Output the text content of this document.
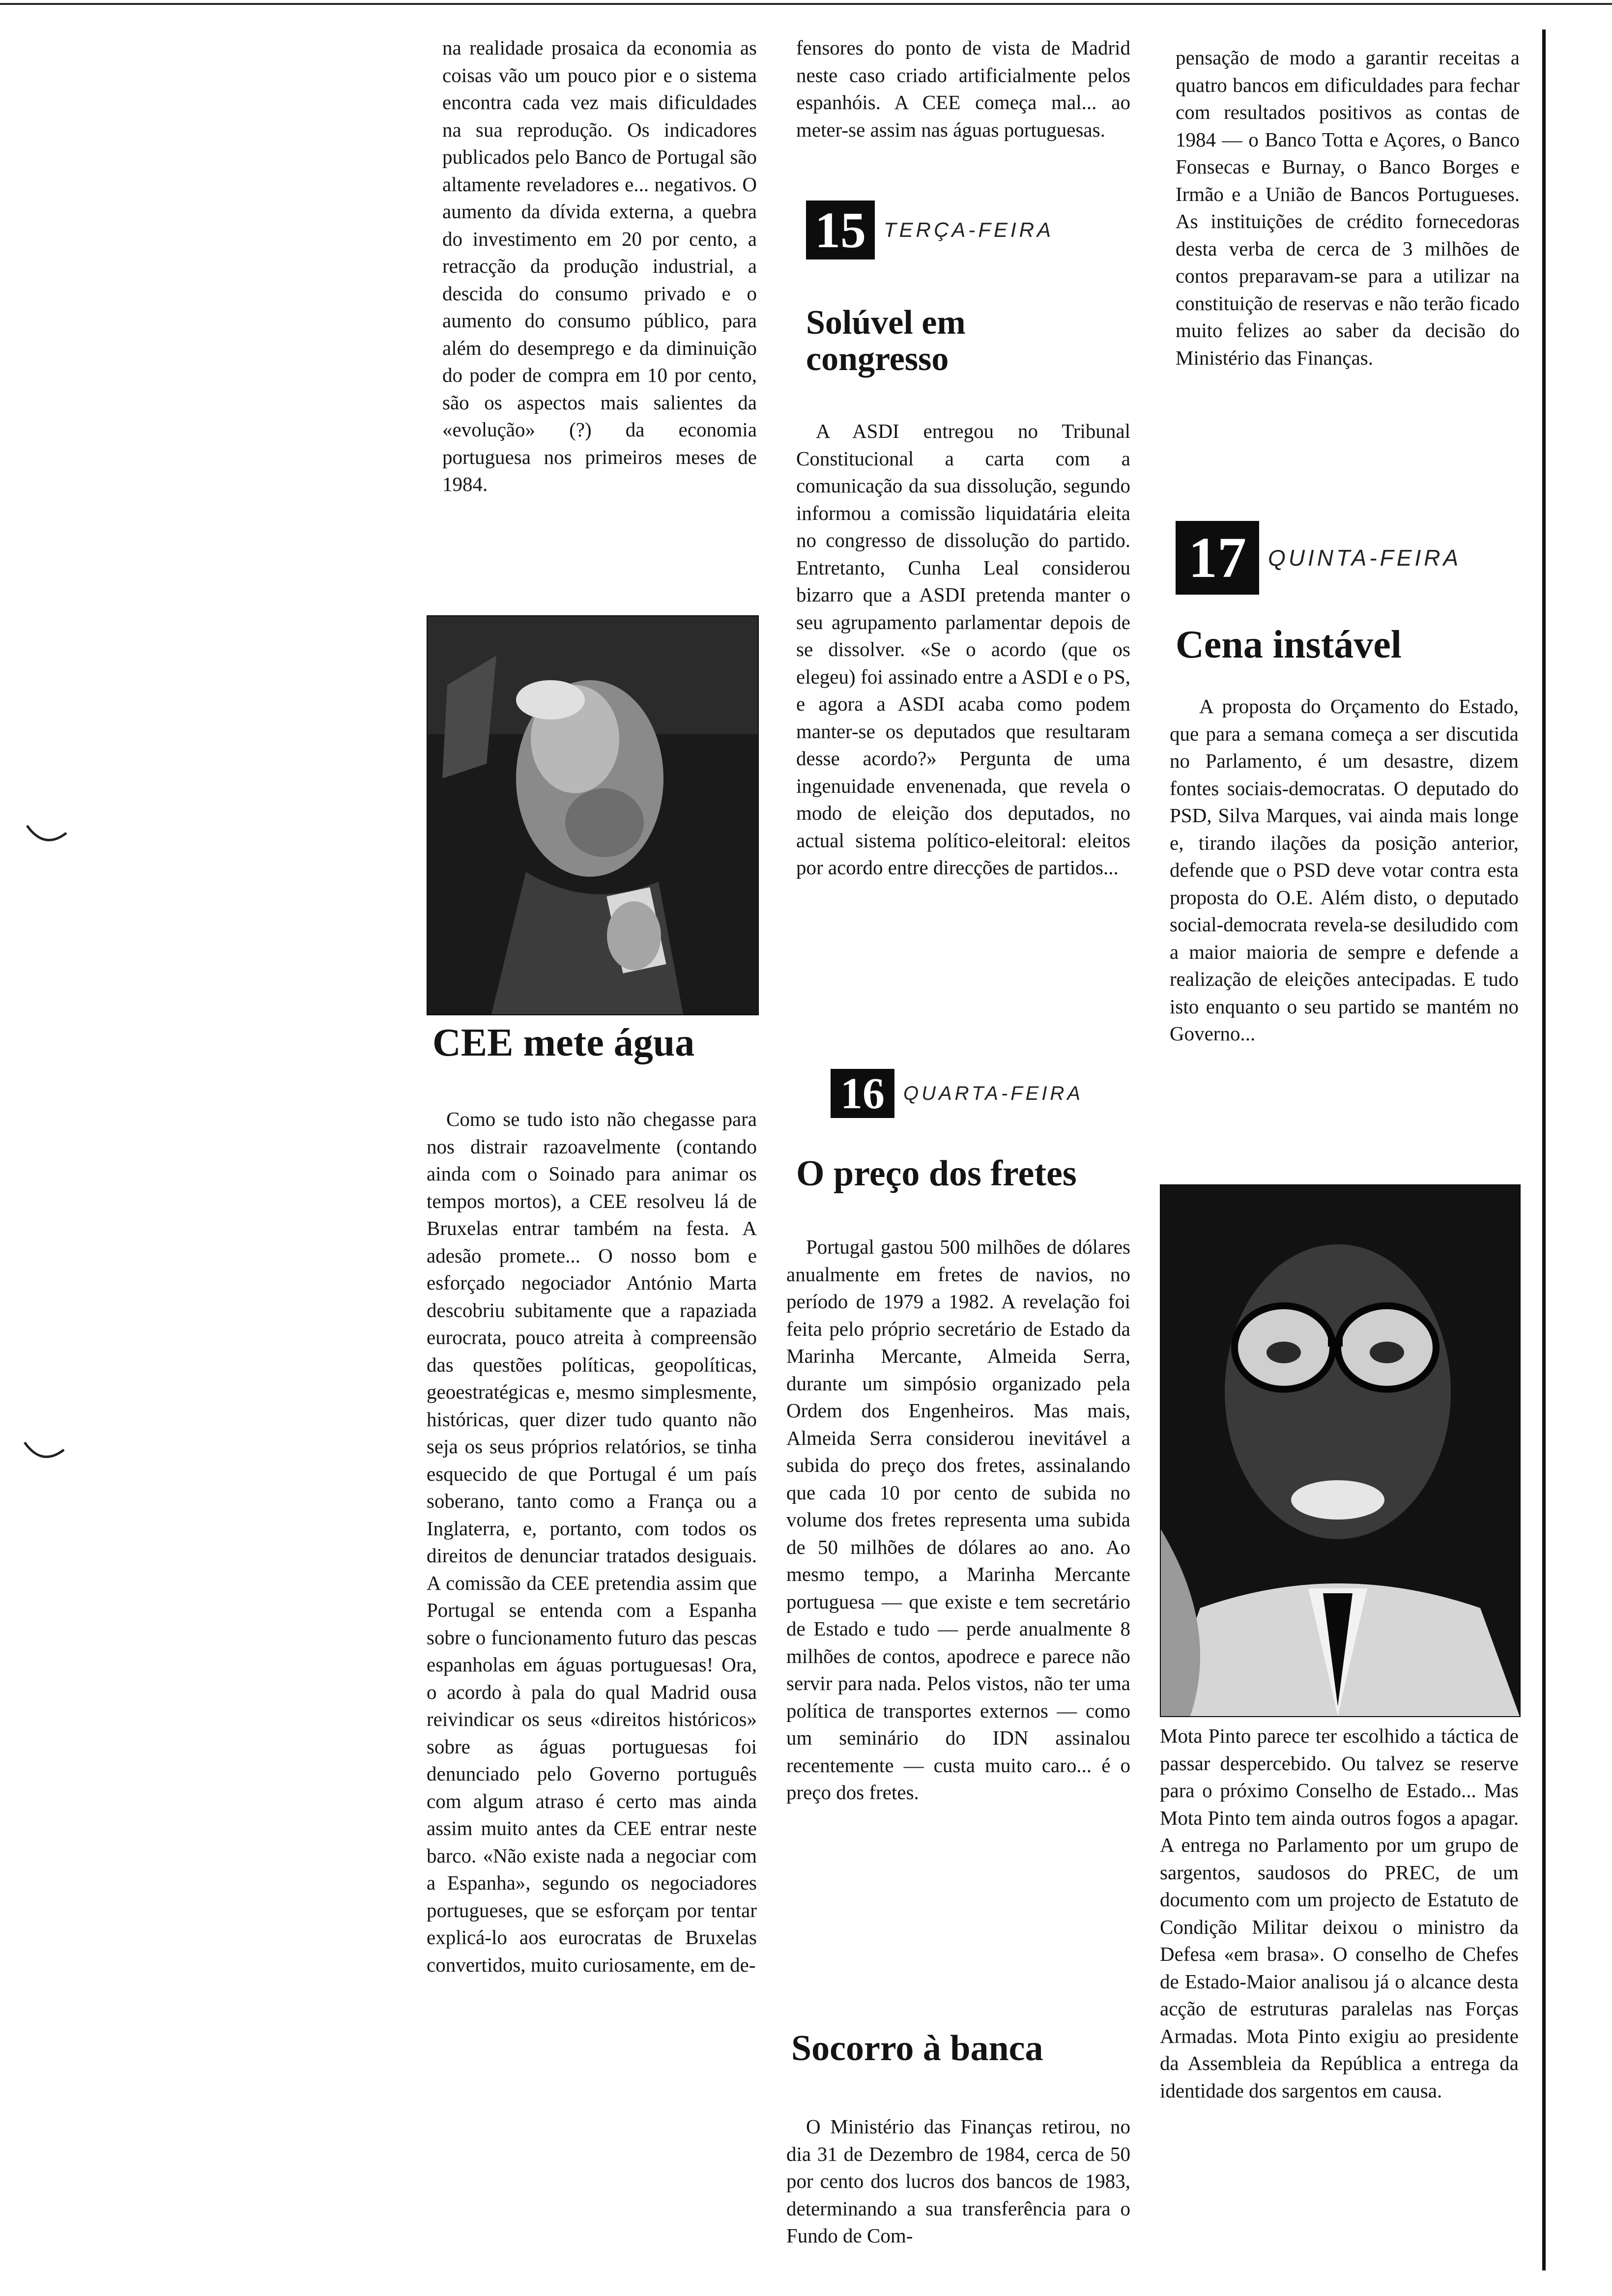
na realidade prosaica da economia as coisas vão um pouco pior e o sistema encontra cada vez mais dificuldades na sua reprodução. Os indicadores publicados pelo Banco de Portugal são altamente reveladores e... negativos. O aumento da dívida externa, a quebra do investimento em 20 por cento, a retracção da produção industrial, a descida do consumo privado e o aumento do consumo público, para além do desemprego e da diminuição do poder de compra em 10 por cento, são os aspectos mais salientes da «evolução» (?) da economia portuguesa nos primeiros meses de 1984.

CEE mete água

Como se tudo isto não chegasse para nos distrair razoavelmente (contando ainda com o Soinado para animar os tempos mortos), a CEE resolveu lá de Bruxelas entrar também na festa. A adesão promete... O nosso bom e esforçado negociador António Marta descobriu subitamente que a rapaziada eurocrata, pouco atreita à compreensão das questões políticas, geopolíticas, geoestratégicas e, mesmo simplesmente, históricas, quer dizer tudo quanto não seja os seus próprios relatórios, se tinha esquecido de que Portugal é um país soberano, tanto como a França ou a Inglaterra, e, portanto, com todos os direitos de denunciar tratados desiguais. A comissão da CEE pretendia assim que Portugal se entenda com a Espanha sobre o funcionamento futuro das pescas espanholas em águas portuguesas! Ora, o acordo à pala do qual Madrid ousa reivindicar os seus «direitos históricos» sobre as águas portuguesas foi denunciado pelo Governo português com algum atraso é certo mas ainda assim muito antes da CEE entrar neste barco. «Não existe nada a negociar com a Espanha», segundo os negociadores portugueses, que se esforçam por tentar explicá-lo aos eurocratas de Bruxelas convertidos, muito curiosamente, em de-

fensores do ponto de vista de Madrid neste caso criado artificialmente pelos espanhóis. A CEE começa mal... ao meter-se assim nas águas portuguesas.

15 TERÇA-FEIRA
Solúvel em congresso

A ASDI entregou no Tribunal Constitucional a carta com a comunicação da sua dissolução, segundo informou a comissão liquidatária eleita no congresso de dissolução do partido. Entretanto, Cunha Leal considerou bizarro que a ASDI pretenda manter o seu agrupamento parlamentar depois de se dissolver. «Se o acordo (que os elegeu) foi assinado entre a ASDI e o PS, e agora a ASDI acaba como podem manter-se os deputados que resultaram desse acordo?» Pergunta de uma ingenuidade envenenada, que revela o modo de eleição dos deputados, no actual sistema político-eleitoral: eleitos por acordo entre direcções de partidos...

16 QUARTA-FEIRA
O preço dos fretes

Portugal gastou 500 milhões de dólares anualmente em fretes de navios, no período de 1979 a 1982. A revelação foi feita pelo próprio secretário de Estado da Marinha Mercante, Almeida Serra, durante um simpósio organizado pela Ordem dos Engenheiros. Mas mais, Almeida Serra considerou inevitável a subida do preço dos fretes, assinalando que cada 10 por cento de subida no volume dos fretes representa uma subida de 50 milhões de dólares ao ano. Ao mesmo tempo, a Marinha Mercante portuguesa — que existe e tem secretário de Estado e tudo — perde anualmente 8 milhões de contos, apodrece e parece não servir para nada. Pelos vistos, não ter uma política de transportes externos — como um seminário do IDN assinalou recentemente — custa muito caro... é o preço dos fretes.

Socorro à banca

O Ministério das Finanças retirou, no dia 31 de Dezembro de 1984, cerca de 50 por cento dos lucros dos bancos de 1983, determinando a sua transferência para o Fundo de Com-

pensação de modo a garantir receitas a quatro bancos em dificuldades para fechar com resultados positivos as contas de 1984 — o Banco Totta e Açores, o Banco Fonsecas e Burnay, o Banco Borges e Irmão e a União de Bancos Portugueses. As instituições de crédito fornecedoras desta verba de cerca de 3 milhões de contos preparavam-se para a utilizar na constituição de reservas e não terão ficado muito felizes ao saber da decisão do Ministério das Finanças.

17 QUINTA-FEIRA
Cena instável

A proposta do Orçamento do Estado, que para a semana começa a ser discutida no Parlamento, é um desastre, dizem fontes sociais-democratas. O deputado do PSD, Silva Marques, vai ainda mais longe e, tirando ilações da posição anterior, defende que o PSD deve votar contra esta proposta do O.E. Além disto, o deputado social-democrata revela-se desiludido com a maior maioria de sempre e defende a realização de eleições antecipadas. E tudo isto enquanto o seu partido se mantém no Governo...

Mota Pinto parece ter escolhido a táctica de passar despercebido. Ou talvez se reserve para o próximo Conselho de Estado... Mas Mota Pinto tem ainda outros fogos a apagar. A entrega no Parlamento por um grupo de sargentos, saudosos do PREC, de um documento com um projecto de Estatuto de Condição Militar deixou o ministro da Defesa «em brasa». O conselho de Chefes de Estado-Maior analisou já o alcance desta acção de estruturas paralelas nas Forças Armadas. Mota Pinto exigiu ao presidente da Assembleia da República a entrega da identidade dos sargentos em causa.
